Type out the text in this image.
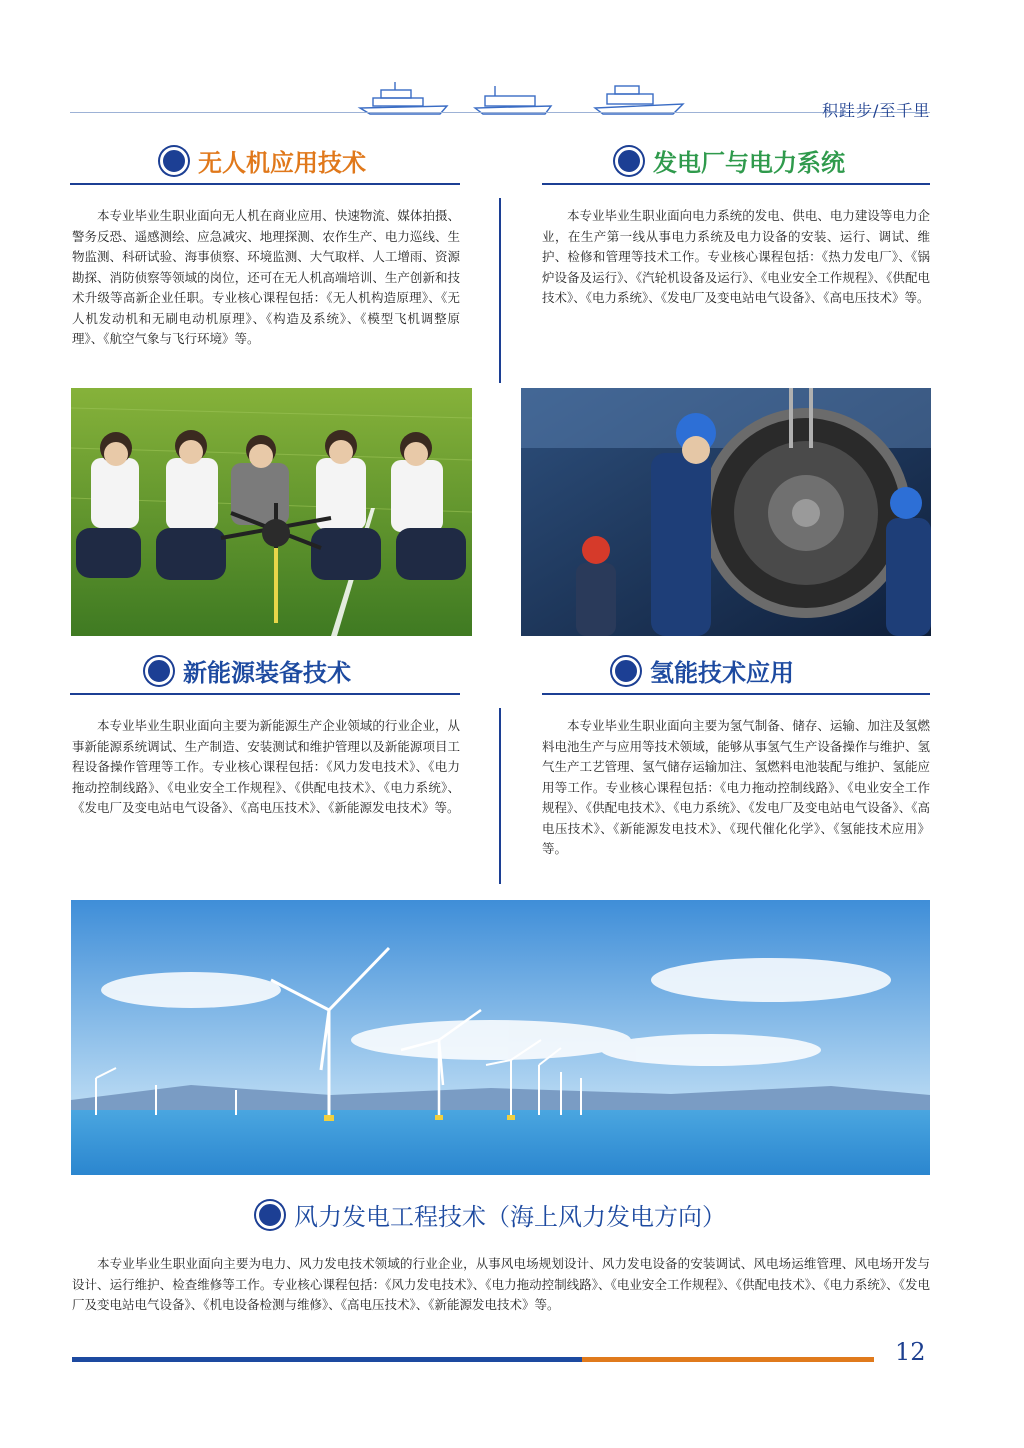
积跬步/至千里
无人机应用技术
本专业毕业生职业面向无人机在商业应用、快速物流、媒体拍摄、警务反恐、遥感测绘、应急减灾、地理探测、农作生产、电力巡线、生物监测、科研试验、海事侦察、环境监测、大气取样、人工增雨、资源勘探、消防侦察等领域的岗位，还可在无人机高端培训、生产创新和技术升级等高新企业任职。专业核心课程包括：《无人机构造原理》、《无人机发动机和无刷电动机原理》、《构造及系统》、《模型飞机调整原理》、《航空气象与飞行环境》等。
发电厂与电力系统
本专业毕业生职业面向电力系统的发电、供电、电力建设等电力企业，在生产第一线从事电力系统及电力设备的安装、运行、调试、维护、检修和管理等技术工作。专业核心课程包括：《热力发电厂》、《锅炉设备及运行》、《汽轮机设备及运行》、《电业安全工作规程》、《供配电技术》、《电力系统》、《发电厂及变电站电气设备》、《高电压技术》等。
新能源装备技术
本专业毕业生职业面向主要为新能源生产企业领域的行业企业，从事新能源系统调试、生产制造、安装测试和维护管理以及新能源项目工程设备操作管理等工作。专业核心课程包括：《风力发电技术》、《电力拖动控制线路》、《电业安全工作规程》、《供配电技术》、《电力系统》、《发电厂及变电站电气设备》、《高电压技术》、《新能源发电技术》等。
氢能技术应用
本专业毕业生职业面向主要为氢气制备、储存、运输、加注及氢燃料电池生产与应用等技术领域，能够从事氢气生产设备操作与维护、氢气生产工艺管理、氢气储存运输加注、氢燃料电池装配与维护、氢能应用等工作。专业核心课程包括：《电力拖动控制线路》、《电业安全工作规程》、《供配电技术》、《电力系统》、《发电厂及变电站电气设备》、《高电压技术》、《新能源发电技术》、《现代催化化学》、《氢能技术应用》等。
风力发电工程技术（海上风力发电方向）
本专业毕业生职业面向主要为电力、风力发电技术领域的行业企业，从事风电场规划设计、风力发电设备的安装调试、风电场运维管理、风电场开发与设计、运行维护、检查维修等工作。专业核心课程包括：《风力发电技术》、《电力拖动控制线路》、《电业安全工作规程》、《供配电技术》、《电力系统》、《发电厂及变电站电气设备》、《机电设备检测与维修》、《高电压技术》、《新能源发电技术》等。
12
